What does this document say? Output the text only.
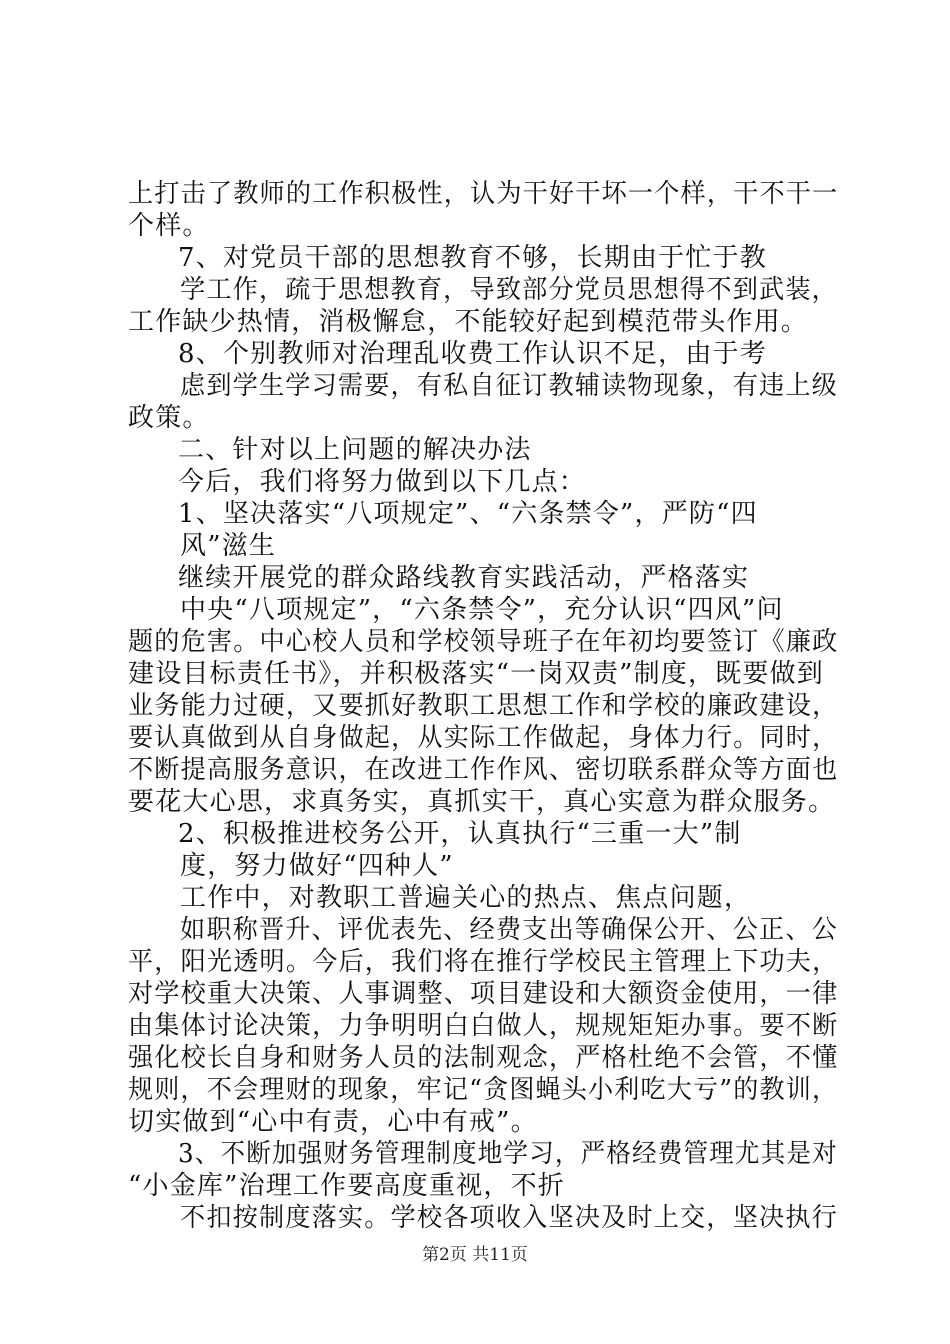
上打击了教师的工作积极性，认为干好干坏一个样，干不干一
个样。
7、对党员干部的思想教育不够，长期由于忙于教
学工作，疏于思想教育，导致部分党员思想得不到武装，
工作缺少热情，消极懈怠，不能较好起到模范带头作用。
8、个别教师对治理乱收费工作认识不足，由于考
虑到学生学习需要，有私自征订教辅读物现象，有违上级
政策。
二、针对以上问题的解决办法
今后，我们将努力做到以下几点：
1、坚决落实“八项规定”、“六条禁令”，严防“四
风”滋生
继续开展党的群众路线教育实践活动，严格落实
中央“八项规定”，“六条禁令”，充分认识“四风”问
题的危害。中心校人员和学校领导班子在年初均要签订《廉政
建设目标责任书》，并积极落实“一岗双责”制度，既要做到
业务能力过硬，又要抓好教职工思想工作和学校的廉政建设，
要认真做到从自身做起，从实际工作做起，身体力行。同时，
不断提高服务意识，在改进工作作风、密切联系群众等方面也
要花大心思，求真务实，真抓实干，真心实意为群众服务。
2、积极推进校务公开，认真执行“三重一大”制
度，努力做好“四种人”
工作中，对教职工普遍关心的热点、焦点问题，
如职称晋升、评优表先、经费支出等确保公开、公正、公
平，阳光透明。今后，我们将在推行学校民主管理上下功夫，
对学校重大决策、人事调整、项目建设和大额资金使用，一律
由集体讨论决策，力争明明白白做人，规规矩矩办事。要不断
强化校长自身和财务人员的法制观念，严格杜绝不会管，不懂
规则，不会理财的现象，牢记“贪图蝇头小利吃大亏”的教训，
切实做到“心中有责，心中有戒”。
3、不断加强财务管理制度地学习，严格经费管理尤其是对
“小金库”治理工作要高度重视，不折
不扣按制度落实。学校各项收入坚决及时上交，坚决执行
第2页 共11页
